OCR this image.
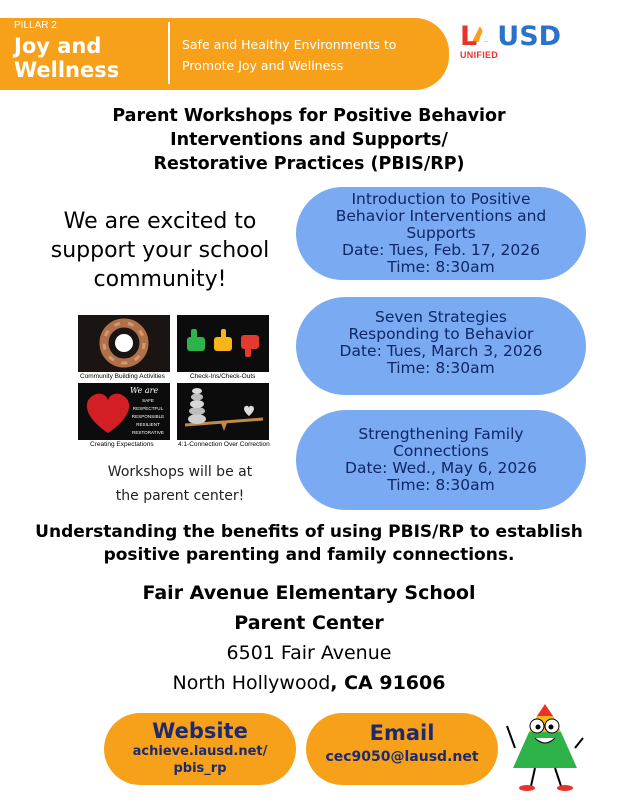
PILLAR 2
Joy and Wellness
Safe and Healthy Environments to Promote Joy and Wellness
LAUSD
UNIFIED
Parent Workshops for Positive Behavior
Interventions and Supports/
Restorative Practices (PBIS/RP)
We are excited to
support your school
community!
Community Building Activities	Check-Ins/Check-Outs
We are
SAFE
RESPECTFUL
RESPONSIBLE
RESILIENT
RESTORATIVE
Creating Expectations	4:1-Connection Over Correction
Workshops will be at
the parent center!
Introduction to Positive
Behavior Interventions and
Supports
Date: Tues, Feb. 17, 2026
Time: 8:30am
Seven Strategies
Responding to Behavior
Date: Tues, March 3, 2026
Time: 8:30am
Strengthening Family
Connections
Date: Wed., May 6, 2026
Time: 8:30am
Understanding the benefits of using PBIS/RP to establish
positive parenting and family connections.
Fair Avenue Elementary School
Parent Center
6501 Fair Avenue
North Hollywood, CA 91606
Website
achieve.lausd.net/
pbis_rp
Email
cec9050@lausd.net
